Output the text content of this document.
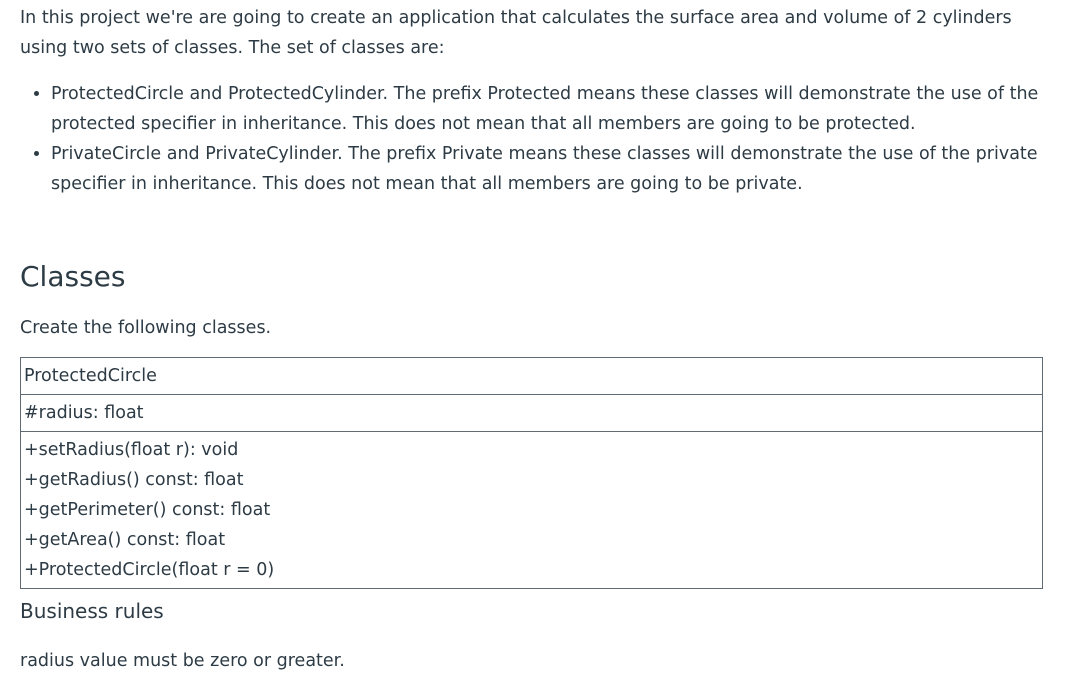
In this project we're are going to create an application that calculates the surface area and volume of 2 cylinders using two sets of classes. The set of classes are:

• ProtectedCircle and ProtectedCylinder. The prefix Protected means these classes will demonstrate the use of the protected specifier in inheritance. This does not mean that all members are going to be protected.
• PrivateCircle and PrivateCylinder. The prefix Private means these classes will demonstrate the use of the private specifier in inheritance. This does not mean that all members are going to be private.
Classes

Create the following classes.

ProtectedCircle
#radius: float

+setRadius(float r): void
+getRadius() const: float
+getPerimeter() const: float
+getArea() const: float
+ProtectedCircle(float r = 0)
Business rules

radius value must be zero or greater.
